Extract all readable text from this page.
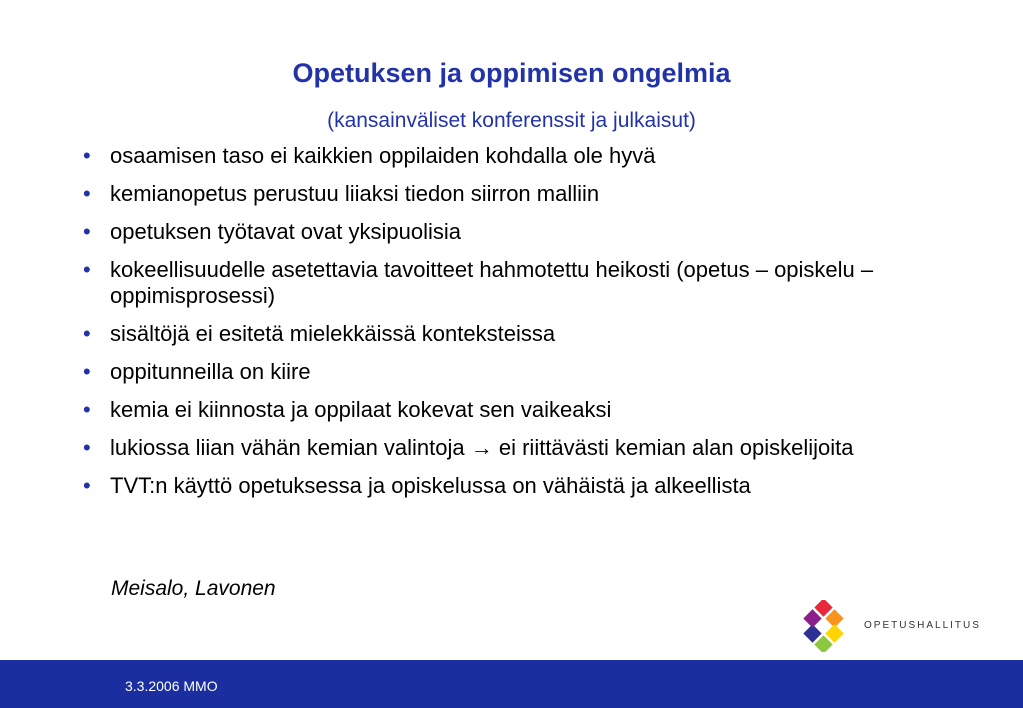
Opetuksen ja oppimisen ongelmia
(kansainväliset konferenssit ja julkaisut)
• osaamisen taso ei kaikkien oppilaiden kohdalla ole hyvä
• kemianopetus perustuu liiaksi tiedon siirron malliin
• opetuksen työtavat ovat yksipuolisia
• kokeellisuudelle asetettavia tavoitteet hahmotettu heikosti (opetus – opiskelu – oppimisprosessi)
• sisältöjä ei esitetä mielekkäissä konteksteissa
• oppitunneilla on kiire
• kemia ei kiinnosta ja oppilaat kokevat sen vaikeaksi
• lukiossa liian vähän kemian valintoja → ei riittävästi kemian alan opiskelijoita
• TVT:n käyttö opetuksessa ja opiskelussa on vähäistä ja alkeellista
Meisalo, Lavonen
OPETUSHALLITUS
3.3.2006 MMO
